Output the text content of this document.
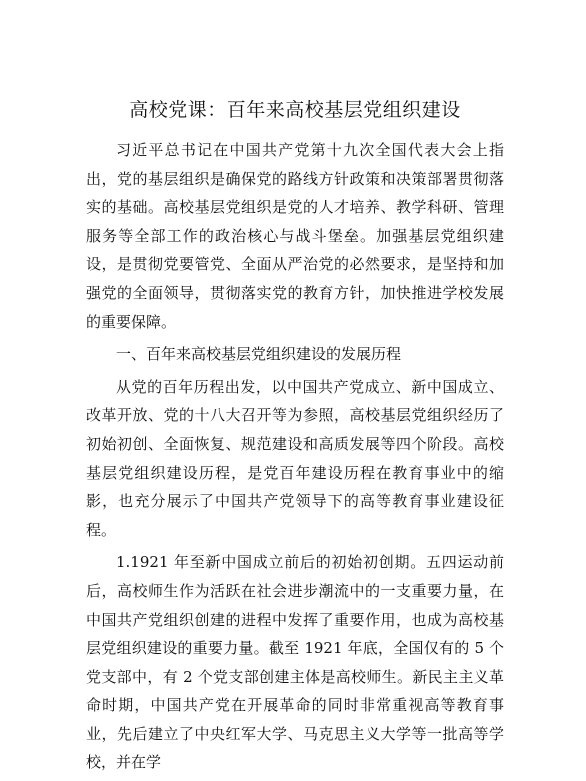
高校党课：百年来高校基层党组织建设

习近平总书记在中国共产党第十九次全国代表大会上指出，党的基层组织是确保党的路线方针政策和决策部署贯彻落实的基础。高校基层党组织是党的人才培养、教学科研、管理服务等全部工作的政治核心与战斗堡垒。加强基层党组织建设，是贯彻党要管党、全面从严治党的必然要求，是坚持和加强党的全面领导，贯彻落实党的教育方针，加快推进学校发展的重要保障。

一、百年来高校基层党组织建设的发展历程

从党的百年历程出发，以中国共产党成立、新中国成立、改革开放、党的十八大召开等为参照，高校基层党组织经历了初始初创、全面恢复、规范建设和高质发展等四个阶段。高校基层党组织建设历程，是党百年建设历程在教育事业中的缩影，也充分展示了中国共产党领导下的高等教育事业建设征程。

1.1921 年至新中国成立前后的初始初创期。五四运动前后，高校师生作为活跃在社会进步潮流中的一支重要力量，在中国共产党组织创建的进程中发挥了重要作用，也成为高校基层党组织建设的重要力量。截至 1921 年底，全国仅有的 5 个党支部中，有 2 个党支部创建主体是高校师生。新民主主义革命时期，中国共产党在开展革命的同时非常重视高等教育事业，先后建立了中央红军大学、马克思主义大学等一批高等学校，并在学
